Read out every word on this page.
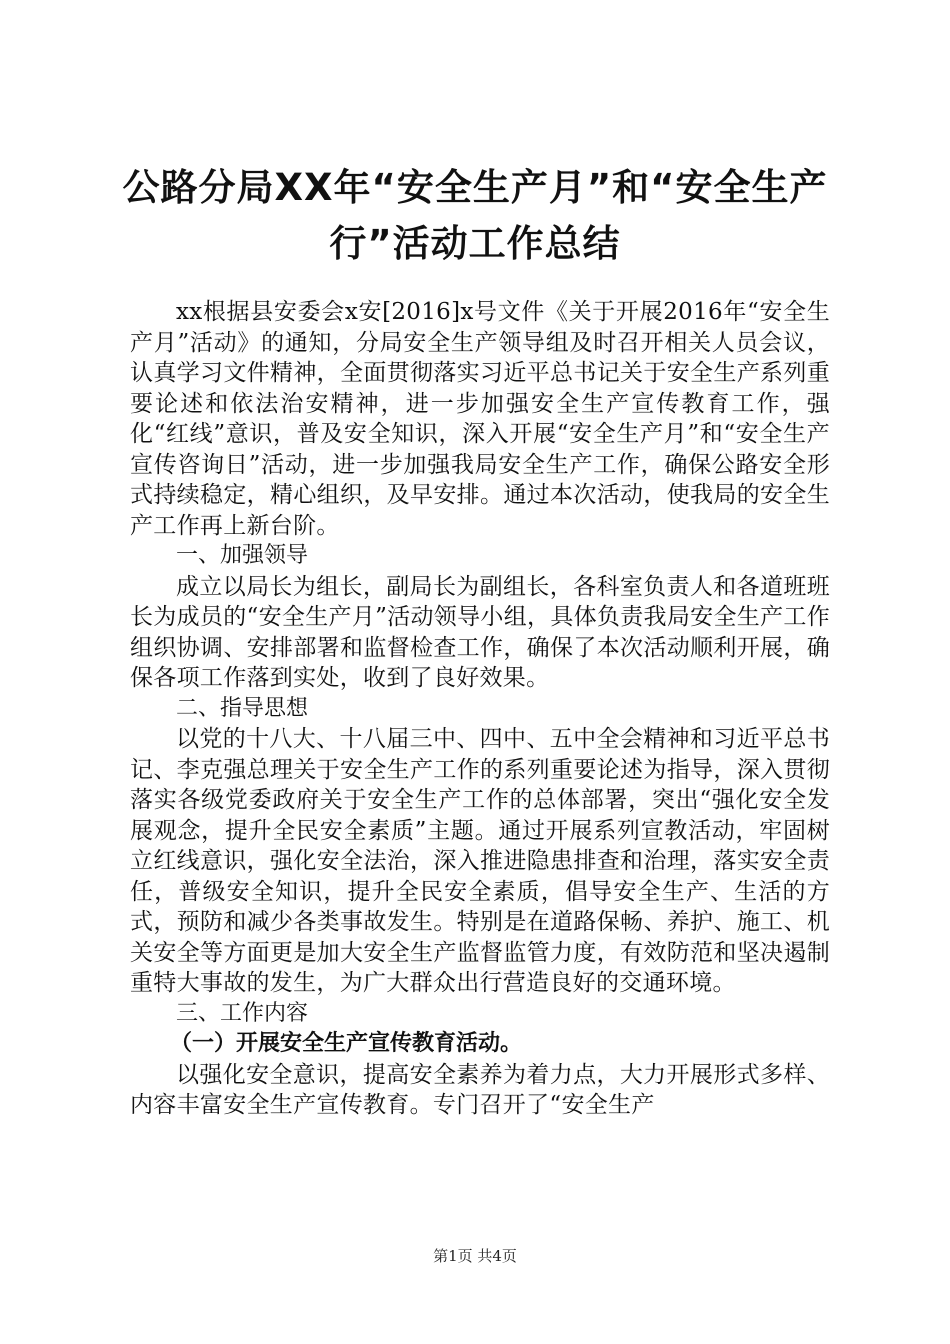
公路分局XX年“安全生产月”和“安全生产行”活动工作总结

xx根据县安委会x安[2016]x号文件《关于开展2016年“安全生产月”活动》的通知，分局安全生产领导组及时召开相关人员会议，认真学习文件精神，全面贯彻落实习近平总书记关于安全生产系列重要论述和依法治安精神，进一步加强安全生产宣传教育工作，强化“红线”意识，普及安全知识，深入开展“安全生产月”和“安全生产宣传咨询日”活动，进一步加强我局安全生产工作，确保公路安全形式持续稳定，精心组织，及早安排。通过本次活动，使我局的安全生产工作再上新台阶。

一、加强领导

成立以局长为组长，副局长为副组长，各科室负责人和各道班班长为成员的“安全生产月”活动领导小组，具体负责我局安全生产工作组织协调、安排部署和监督检查工作，确保了本次活动顺利开展，确保各项工作落到实处，收到了良好效果。

二、指导思想

以党的十八大、十八届三中、四中、五中全会精神和习近平总书记、李克强总理关于安全生产工作的系列重要论述为指导，深入贯彻落实各级党委政府关于安全生产工作的总体部署，突出“强化安全发展观念，提升全民安全素质”主题。通过开展系列宣教活动，牢固树立红线意识，强化安全法治，深入推进隐患排查和治理，落实安全责任，普级安全知识，提升全民安全素质，倡导安全生产、生活的方式，预防和减少各类事故发生。特别是在道路保畅、养护、施工、机关安全等方面更是加大安全生产监督监管力度，有效防范和坚决遏制重特大事故的发生，为广大群众出行营造良好的交通环境。

三、工作内容
（一）开展安全生产宣传教育活动。

以强化安全意识，提高安全素养为着力点，大力开展形式多样、内容丰富安全生产宣传教育。专门召开了“安全生产

第1页 共4页
